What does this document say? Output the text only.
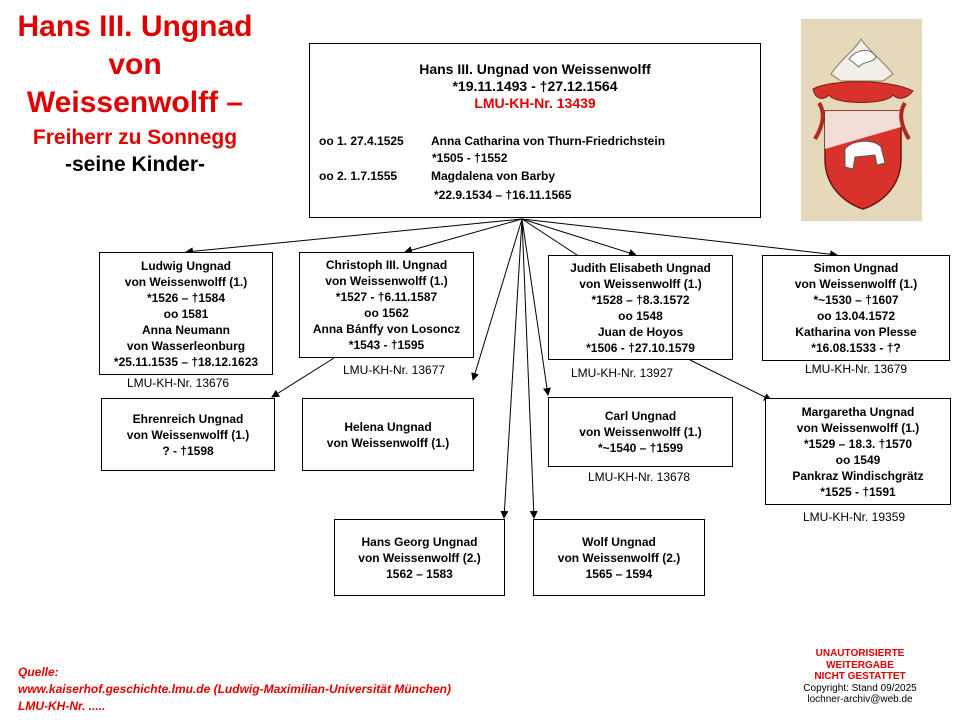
Hans III. Ungnad
von
Weissenwolff –
Freiherr zu Sonnegg
-seine Kinder-
Hans III. Ungnad von Weissenwolff
*19.11.1493 - †27.12.1564
LMU-KH-Nr. 13439
oo 1. 27.4.1525 Anna Catharina von Thurn-Friedrichstein
*1505 - †1552
oo 2. 1.7.1555	Magdalena von Barby
*22.9.1534 – †16.11.1565
Ludwig Ungnad
von Weissenwolff (1.)
*1526 – †1584
oo 1581
Anna Neumann
von Wasserleonburg
*25.11.1535 – †18.12.1623
LMU-KH-Nr. 13676
Christoph III. Ungnad
von Weissenwolff (1.)
*1527 - †6.11.1587
oo 1562
Anna Bánffy von Losoncz
*1543 - †1595
LMU-KH-Nr. 13677
Judith Elisabeth Ungnad
von Weissenwolff (1.)
*1528 – †8.3.1572
oo 1548
Juan de Hoyos
*1506 - †27.10.1579
LMU-KH-Nr. 13927
Simon Ungnad
von Weissenwolff (1.)
*~1530 – †1607
oo 13.04.1572
Katharina von Plesse
*16.08.1533 - †?
LMU-KH-Nr. 13679
Ehrenreich Ungnad
von Weissenwolff (1.)
? - †1598
Helena Ungnad
von Weissenwolff (1.)
Carl Ungnad
von Weissenwolff (1.)
*~1540 – †1599
LMU-KH-Nr. 13678
Margaretha Ungnad
von Weissenwolff (1.)
*1529 – 18.3. †1570
oo 1549
Pankraz Windischgrätz
*1525 - †1591
LMU-KH-Nr. 19359
Hans Georg Ungnad
von Weissenwolff (2.)
1562 – 1583
Wolf Ungnad
von Weissenwolff (2.)
1565 – 1594
Quelle:
www.kaiserhof.geschichte.lmu.de (Ludwig-Maximilian-Universität München)
LMU-KH-Nr. .....
UNAUTORISIERTE
WEITERGABE
NICHT GESTATTET
Copyright: Stand 09/2025
lochner-archiv@web.de
